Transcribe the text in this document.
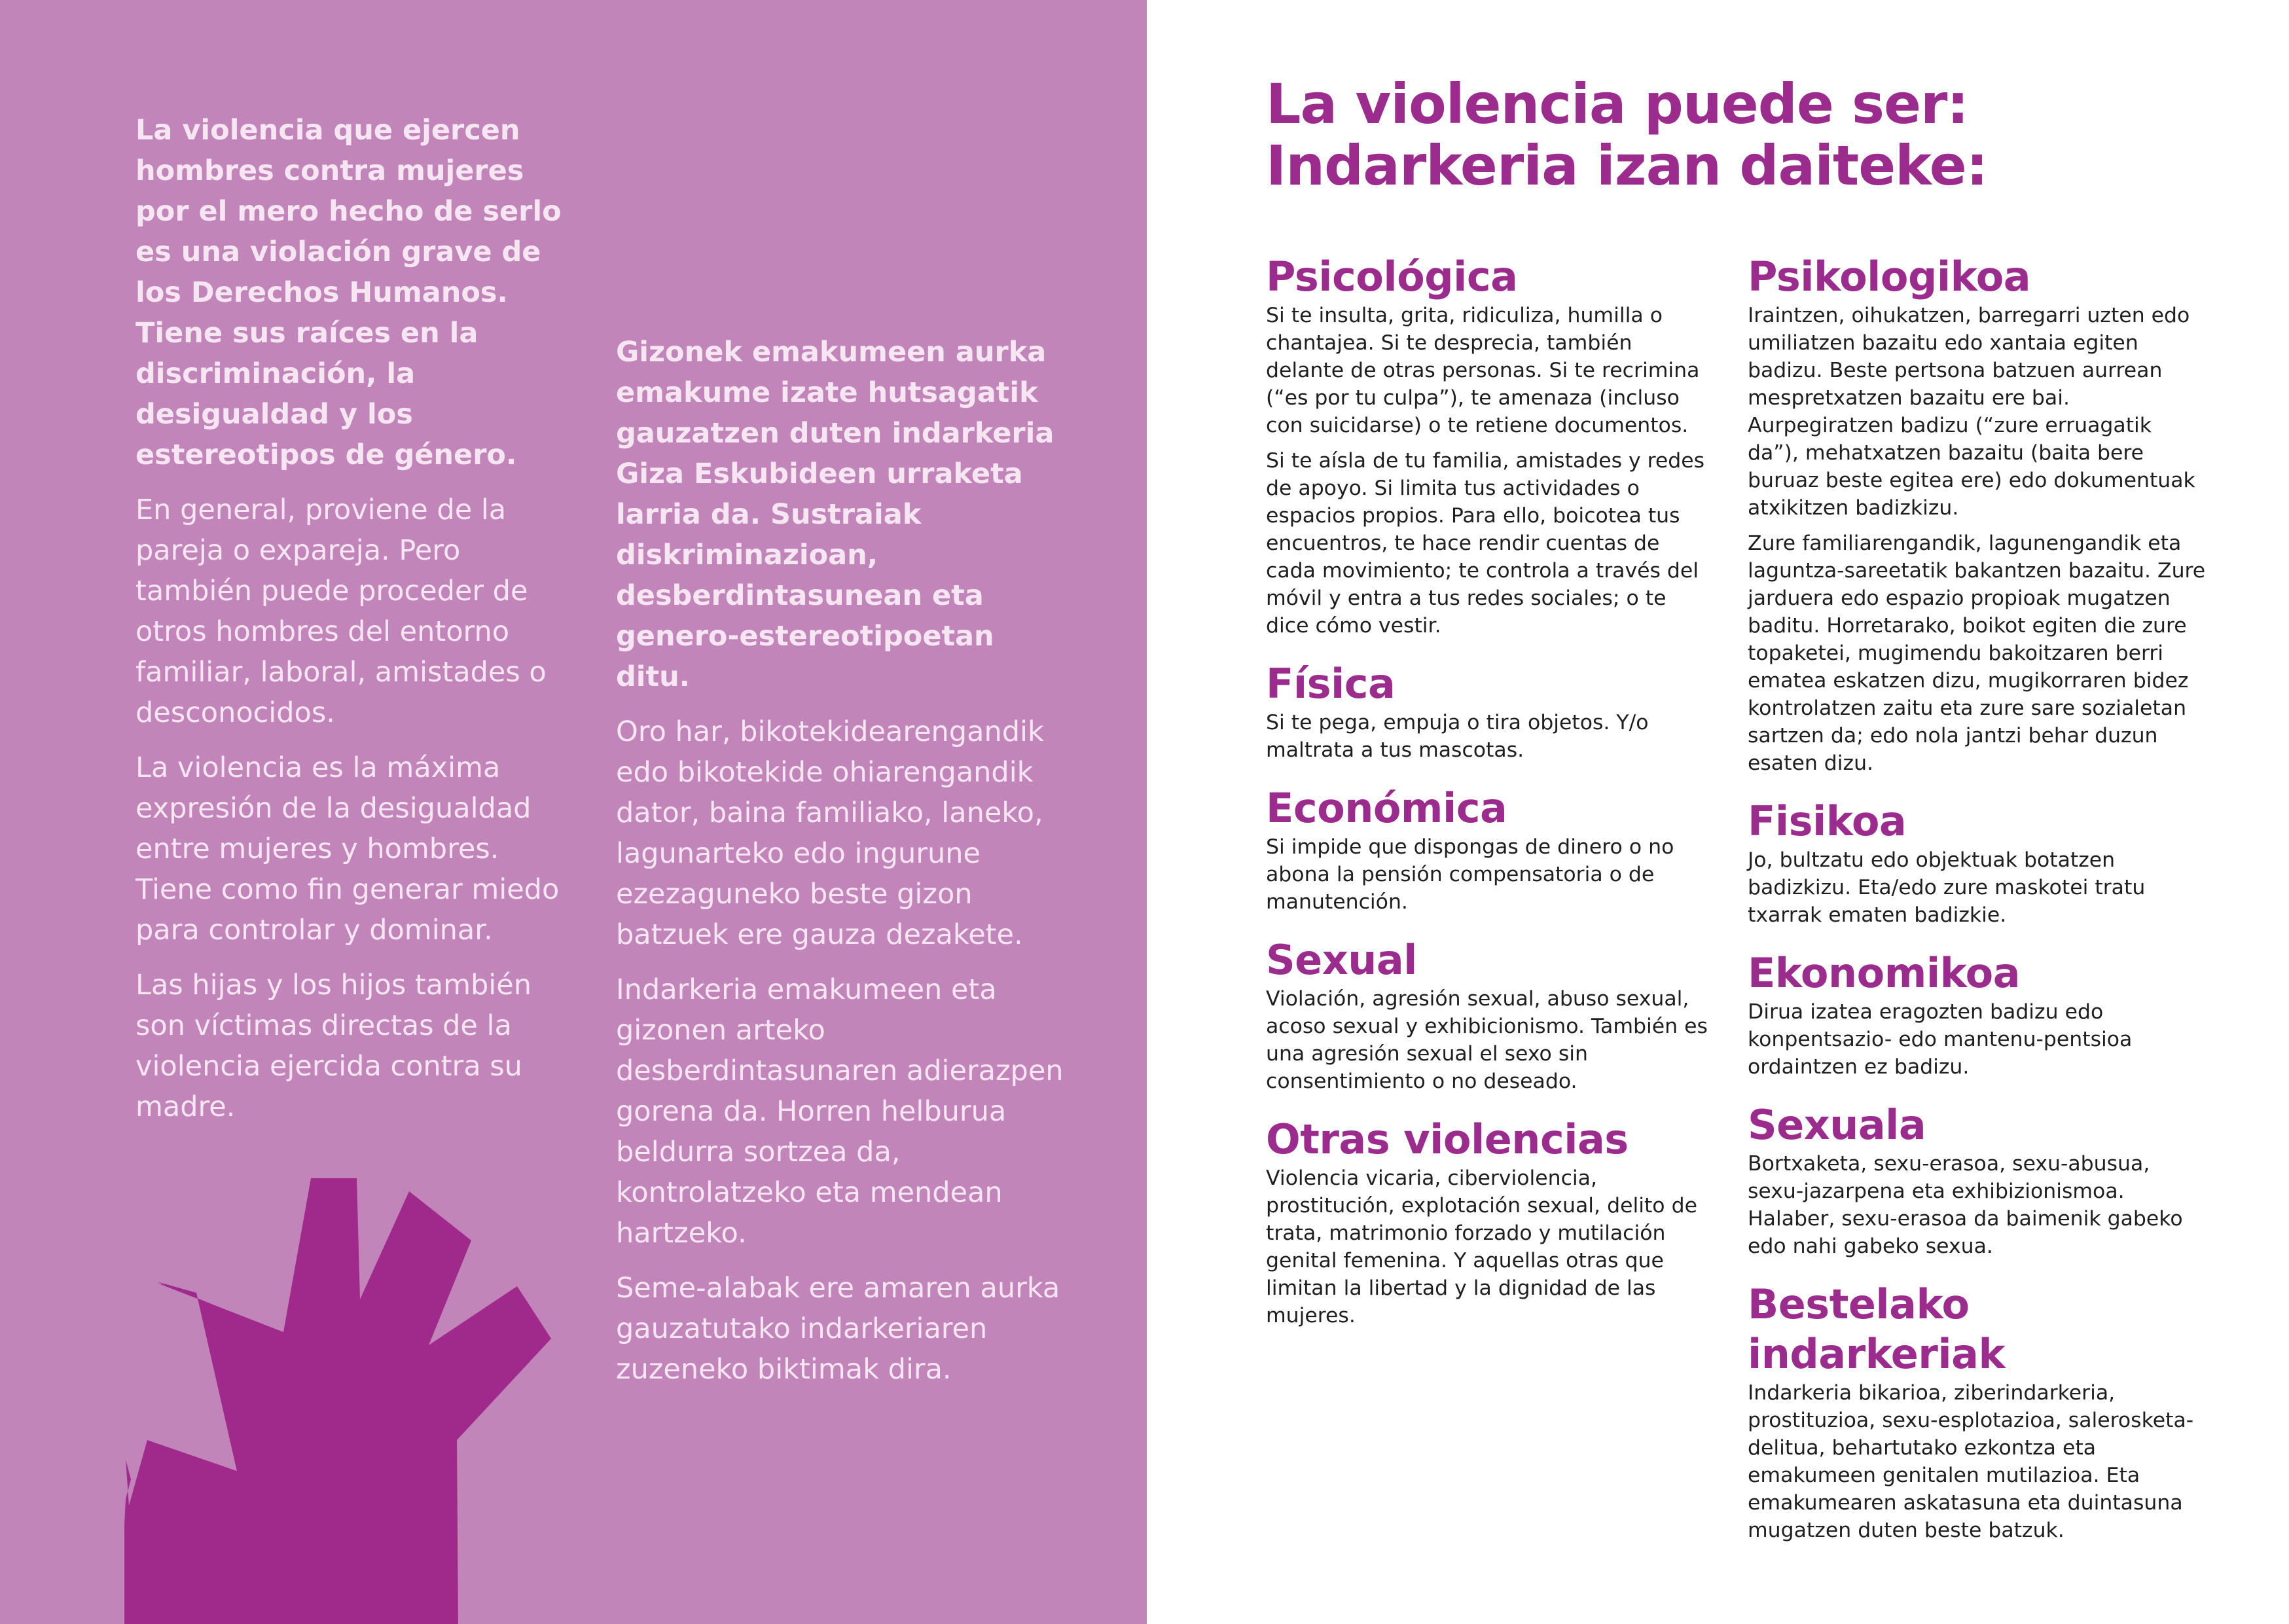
La violencia que ejercen hombres contra mujeres por el mero hecho de serlo es una violación grave de los Derechos Humanos. Tiene sus raíces en la discriminación, la desigualdad y los estereotipos de género.

En general, proviene de la pareja o expareja. Pero también puede proceder de otros hombres del entorno familiar, laboral, amistades o desconocidos.

La violencia es la máxima expresión de la desigualdad entre mujeres y hombres. Tiene como fin generar miedo para controlar y dominar.

Las hijas y los hijos también son víctimas directas de la violencia ejercida contra su madre.

Gizonek emakumeen aurka emakume izate hutsagatik gauzatzen duten indarkeria Giza Eskubideen urraketa larria da. Sustraiak diskriminazioan, desberdintasunean eta genero-estereotipoetan ditu.

Oro har, bikotekidearengandik edo bikotekide ohiarengandik dator, baina familiako, laneko, lagunarteko edo ingurune ezezaguneko beste gizon batzuek ere gauza dezakete.

Indarkeria emakumeen eta gizonen arteko desberdintasunaren adierazpen gorena da. Horren helburua beldurra sortzea da, kontrolatzeko eta mendean hartzeko.

Seme-alabak ere amaren aurka gauzatutako indarkeriaren zuzeneko biktimak dira.

La violencia puede ser:
Indarkeria izan daiteke:
Psicológica

Si te insulta, grita, ridiculiza, humilla o chantajea. Si te desprecia, también delante de otras personas. Si te recrimina (“es por tu culpa”), te amenaza (incluso con suicidarse) o te retiene documentos.

Si te aísla de tu familia, amistades y redes de apoyo. Si limita tus actividades o espacios propios. Para ello, boicotea tus encuentros, te hace rendir cuentas de cada movimiento; te controla a través del móvil y entra a tus redes sociales; o te dice cómo vestir.

Física

Si te pega, empuja o tira objetos. Y/o maltrata a tus mascotas.

Económica

Si impide que dispongas de dinero o no abona la pensión compensatoria o de manutención.

Sexual

Violación, agresión sexual, abuso sexual, acoso sexual y exhibicionismo. También es una agresión sexual el sexo sin consentimiento o no deseado.

Otras violencias

Violencia vicaria, ciberviolencia, prostitución, explotación sexual, delito de trata, matrimonio forzado y mutilación genital femenina. Y aquellas otras que limitan la libertad y la dignidad de las mujeres.

Psikologikoa

Iraintzen, oihukatzen, barregarri uzten edo umiliatzen bazaitu edo xantaia egiten badizu. Beste pertsona batzuen aurrean mespretxatzen bazaitu ere bai. Aurpegiratzen badizu (“zure erruagatik da”), mehatxatzen bazaitu (baita bere buruaz beste egitea ere) edo dokumentuak atxikitzen badizkizu.

Zure familiarengandik, lagunengandik eta laguntza-sareetatik bakantzen bazaitu. Zure jarduera edo espazio propioak mugatzen baditu. Horretarako, boikot egiten die zure topaketei, mugimendu bakoitzaren berri ematea eskatzen dizu, mugikorraren bidez kontrolatzen zaitu eta zure sare sozialetan sartzen da; edo nola jantzi behar duzun esaten dizu.

Fisikoa

Jo, bultzatu edo objektuak botatzen badizkizu. Eta/edo zure maskotei tratu txarrak ematen badizkie.

Ekonomikoa

Dirua izatea eragozten badizu edo konpentsazio- edo mantenu-pentsioa ordaintzen ez badizu.

Sexuala

Bortxaketa, sexu-erasoa, sexu-abusua, sexu-jazarpena eta exhibizionismoa. Halaber, sexu-erasoa da baimenik gabeko edo nahi gabeko sexua.

Bestelako indarkeriak

Indarkeria bikarioa, ziberindarkeria, prostituzioa, sexu-esplotazioa, salerosketa-delitua, behartutako ezkontza eta emakumeen genitalen mutilazioa. Eta emakumearen askatasuna eta duintasuna mugatzen duten beste batzuk.
